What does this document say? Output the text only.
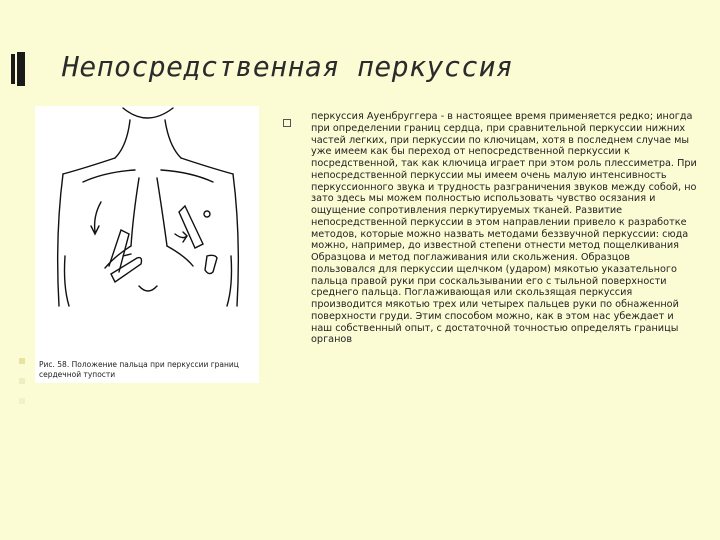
Непосредственная перкуссия
Рис. 58. Положение пальца при перкуссии границ сердечной тупости
перкуссия Ауенбруггера - в настоящее время применяется редко; иногда при определении границ сердца, при сравнительной перкуссии нижних частей легких, при перкуссии по ключицам, хотя в последнем случае мы уже имеем как бы переход от непосредственной перкуссии к посредственной, так как ключица играет при этом роль плессиметра. При непосредственной перкуссии мы имеем очень малую интенсивность перкуссионного звука и трудность разграничения звуков между собой, но зато здесь мы можем полностью использовать чувство осязания и ощущение сопротивления перкутируемых тканей. Развитие непосредственной перкуссии в этом направлении привело к разработке методов, которые можно назвать методами беззвучной перкуссии: сюда можно, например, до известной степени отнести метод пощелкивания Образцова и метод поглаживания или скольжения. Образцов пользовался для перкуссии щелчком (ударом) мякотью указательного пальца правой руки при соскальзывании его с тыльной поверхности среднего пальца. Поглаживающая или скользящая перкуссия производится мякотью трех или четырех пальцев руки по обнаженной поверхности груди. Этим способом можно, как в этом нас убеждает и наш собственный опыт, с достаточной точностью определять границы органов
